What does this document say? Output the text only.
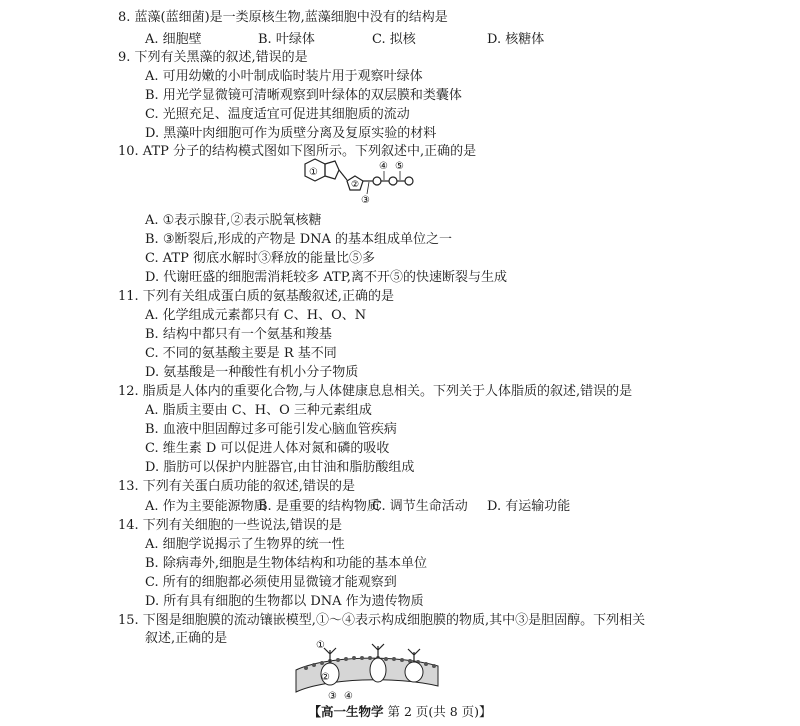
8. 蓝藻(蓝细菌)是一类原核生物,蓝藻细胞中没有的结构是
A. 细胞壁	B. 叶绿体	C. 拟核	D. 核糖体
9. 下列有关黑藻的叙述,错误的是
A. 可用幼嫩的小叶制成临时装片用于观察叶绿体
B. 用光学显微镜可清晰观察到叶绿体的双层膜和类囊体
C. 光照充足、温度适宜可促进其细胞质的流动
D. 黑藻叶肉细胞可作为质壁分离及复原实验的材料
10. ATP 分子的结构模式图如下图所示。下列叙述中,正确的是
①
②
③
④ ⑤
A. ①表示腺苷,②表示脱氧核糖
B. ③断裂后,形成的产物是 DNA 的基本组成单位之一
C. ATP 彻底水解时③释放的能量比⑤多
D. 代谢旺盛的细胞需消耗较多 ATP,离不开⑤的快速断裂与生成
11. 下列有关组成蛋白质的氨基酸叙述,正确的是
A. 化学组成元素都只有 C、H、O、N
B. 结构中都只有一个氨基和羧基
C. 不同的氨基酸主要是 R 基不同
D. 氨基酸是一种酸性有机小分子物质
12. 脂质是人体内的重要化合物,与人体健康息息相关。下列关于人体脂质的叙述,错误的是
A. 脂质主要由 C、H、O 三种元素组成
B. 血液中胆固醇过多可能引发心脑血管疾病
C. 维生素 D 可以促进人体对氮和磷的吸收
D. 脂肪可以保护内脏器官,由甘油和脂肪酸组成
13. 下列有关蛋白质功能的叙述,错误的是
A. 作为主要能源物质
B. 是重要的结构物质
C. 调节生命活动 D. 有运输功能
14. 下列有关细胞的一些说法,错误的是
A. 细胞学说揭示了生物界的统一性
B. 除病毒外,细胞是生物体结构和功能的基本单位
C. 所有的细胞都必须使用显微镜才能观察到
D. 所有具有细胞的生物都以 DNA 作为遗传物质
15. 下图是细胞膜的流动镶嵌模型,①～④表示构成细胞膜的物质,其中③是胆固醇。下列相关
叙述,正确的是	①
②
③ ④
【高一生物学 第 2 页(共 8 页)】
